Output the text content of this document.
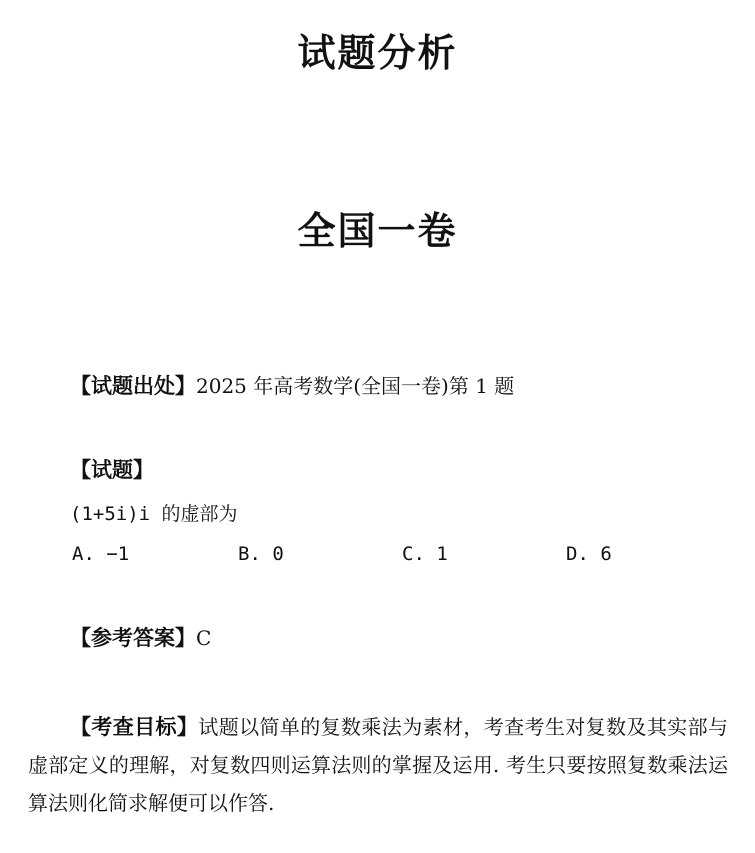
试题分析
全国一卷
【试题出处】2025 年高考数学(全国一卷)第 1 题
【试题】
(1+5i)i 的虚部为
A. −1	B. 0	C. 1	D. 6
【参考答案】C
【考查目标】试题以简单的复数乘法为素材，考查考生对复数及其实部与虚部定义的理解，对复数四则运算法则的掌握及运用. 考生只要按照复数乘法运算法则化简求解便可以作答.
